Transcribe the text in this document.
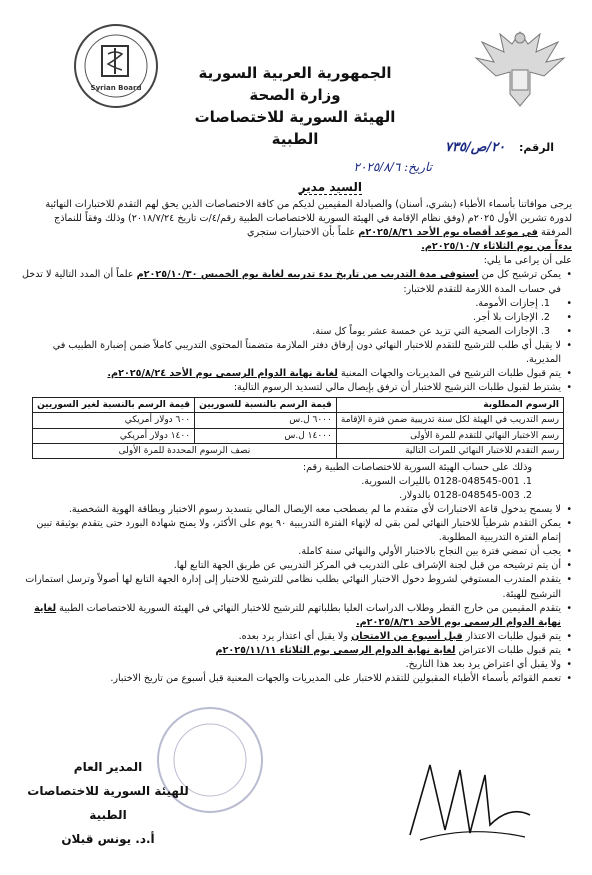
Syrian Board
الجمهورية العربية السورية
وزارة الصحة
الهيئة السورية للاختصاصات الطبية	الرقم: ٢٠/ص/٧٣٥
تاريخ: ٢٠٢٥/٨/٦
السيد مدير

يرجى موافاتنا بأسماء الأطباء (بشري، أسنان) والصيادلة المقيمين لديكم من كافة الاختصاصات الذين يحق لهم التقدم للاختبارات النهائية لدورة تشرين الأول ٢٠٢٥م (وفق نظام الإقامة في الهيئة السورية للاختصاصات الطبية رقم/٤/ت تاريخ ٢٠١٨/٧/٢٤) وذلك وفقاً للنماذج المرفقة في موعد أقصاه يوم الأحد ٢٠٢٥/٨/٣١م علماً بأن الاختبارات ستجري

بدءاً من يوم الثلاثاء ٢٠٢٥/١٠/٧م.

على أن يراعى ما يلي:

• يمكن ترشيح كل من استوفى مدة التدريب من تاريخ بدء تدريبه لغاية يوم الخميس ٢٠٢٥/١٠/٣٠م علماً أن المدد التالية لا تدخل في حساب المدة اللازمة للتقدم للاختبار:
• 1. إجازات الأمومة.
• 2. الإجازات بلا أجر.
• 3. الإجازات الصحية التي تزيد عن خمسة عشر يوماً كل سنة.
• لا يقبل أي طلب للترشيح للتقدم للاختبار النهائي دون إرفاق دفتر الملازمة متضمناً المحتوى التدريبي كاملاً ضمن إضبارة الطبيب في المديرية.
• يتم قبول طلبات الترشيح في المديريات والجهات المعنية لغاية نهاية الدوام الرسمي يوم الأحد ٢٠٢٥/٨/٢٤م.
• يشترط لقبول طلبات الترشيح للاختبار أن ترفق بإيصال مالي لتسديد الرسوم التالية:
الرسوم المطلوبة	قيمة الرسم بالنسبة للسوريين	قيمة الرسم بالنسبة لغير السوريين
رسم التدريب في الهيئة لكل سنة تدريبية ضمن فترة الإقامة	٦٠٠٠ ل.س	٦٠٠ دولار أمريكي
رسم الاختبار النهائي للتقدم للمرة الأولى	١٤٠٠٠ ل.س	١٤٠٠ دولار أمريكي
رسم التقدم للاختبار النهائي للمرات التالية	نصف الرسوم المحددة للمرة الأولى	

وذلك على حساب الهيئة السورية للاختصاصات الطبية رقم:

1. 0128-048545-001 بالليرات السورية.

2. 0128-048545-003 بالدولار.

• لا يسمح بدخول قاعة الاختبارات لأي متقدم ما لم يصطحب معه الإيصال المالي بتسديد رسوم الاختبار وبطاقة الهوية الشخصية.
• يمكن التقدم شرطياً للاختبار النهائي لمن بقي له لإنهاء الفترة التدريبية ٩٠ يوم على الأكثر، ولا يمنح شهادة البورد حتى يتقدم بوثيقة تبين إتمام الفترة التدريبية المطلوبة.
• يجب أن تمضي فترة بين النجاح بالاختبار الأولي والنهائي سنة كاملة.
• أن يتم ترشيحه من قبل لجنة الإشراف على التدريب في المركز التدريبي عن طريق الجهة التابع لها.
• يتقدم المتدرب المستوفي لشروط دخول الاختبار النهائي بطلب نظامي للترشيح للاختبار إلى إدارة الجهة التابع لها أصولاً وترسل استمارات الترشيح للهيئة.
• يتقدم المقيمين من خارج القطر وطلاب الدراسات العليا بطلباتهم للترشيح للاختبار النهائي في الهيئة السورية للاختصاصات الطبية لغاية نهاية الدوام الرسمي يوم الأحد ٢٠٢٥/٨/٣١م.
• يتم قبول طلبات الاعتذار قبل أسبوع من الامتحان ولا يقبل أي اعتذار يرد بعده.
• يتم قبول طلبات الاعتراض لغاية نهاية الدوام الرسمي يوم الثلاثاء ٢٠٢٥/١١/١١م
• ولا يقبل أي اعتراض يرد بعد هذا التاريخ.
• تعمم القوائم بأسماء الأطباء المقبولين للتقدم للاختبار على المديريات والجهات المعنية قبل أسبوع من تاريخ الاختبار.
المدير العام
للهيئة السورية للاختصاصات الطبية
أ.د. يونس قبلان
